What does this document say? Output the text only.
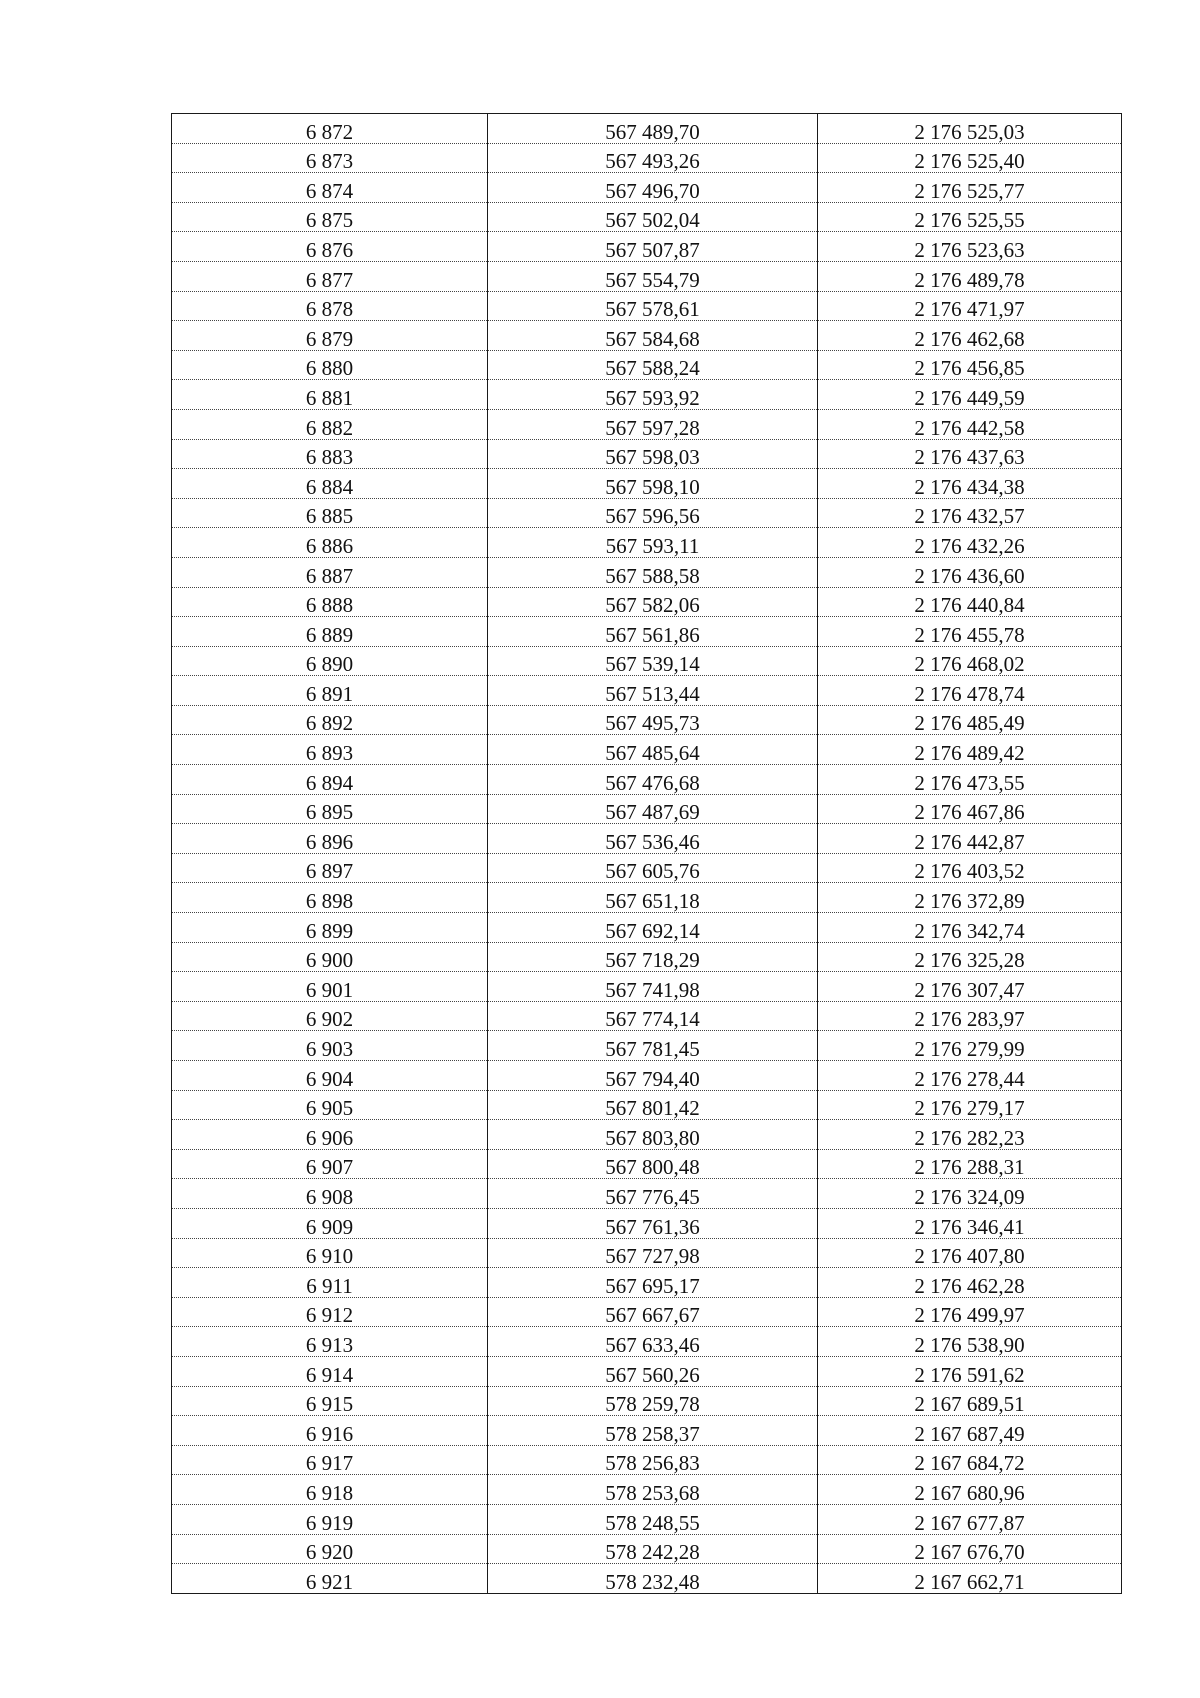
6 872	567 489,70	2 176 525,03
6 873	567 493,26	2 176 525,40
6 874	567 496,70	2 176 525,77
6 875	567 502,04	2 176 525,55
6 876	567 507,87	2 176 523,63
6 877	567 554,79	2 176 489,78
6 878	567 578,61	2 176 471,97
6 879	567 584,68	2 176 462,68
6 880	567 588,24	2 176 456,85
6 881	567 593,92	2 176 449,59
6 882	567 597,28	2 176 442,58
6 883	567 598,03	2 176 437,63
6 884	567 598,10	2 176 434,38
6 885	567 596,56	2 176 432,57
6 886	567 593,11	2 176 432,26
6 887	567 588,58	2 176 436,60
6 888	567 582,06	2 176 440,84
6 889	567 561,86	2 176 455,78
6 890	567 539,14	2 176 468,02
6 891	567 513,44	2 176 478,74
6 892	567 495,73	2 176 485,49
6 893	567 485,64	2 176 489,42
6 894	567 476,68	2 176 473,55
6 895	567 487,69	2 176 467,86
6 896	567 536,46	2 176 442,87
6 897	567 605,76	2 176 403,52
6 898	567 651,18	2 176 372,89
6 899	567 692,14	2 176 342,74
6 900	567 718,29	2 176 325,28
6 901	567 741,98	2 176 307,47
6 902	567 774,14	2 176 283,97
6 903	567 781,45	2 176 279,99
6 904	567 794,40	2 176 278,44
6 905	567 801,42	2 176 279,17
6 906	567 803,80	2 176 282,23
6 907	567 800,48	2 176 288,31
6 908	567 776,45	2 176 324,09
6 909	567 761,36	2 176 346,41
6 910	567 727,98	2 176 407,80
6 911	567 695,17	2 176 462,28
6 912	567 667,67	2 176 499,97
6 913	567 633,46	2 176 538,90
6 914	567 560,26	2 176 591,62
6 915	578 259,78	2 167 689,51
6 916	578 258,37	2 167 687,49
6 917	578 256,83	2 167 684,72
6 918	578 253,68	2 167 680,96
6 919	578 248,55	2 167 677,87
6 920	578 242,28	2 167 676,70
6 921	578 232,48	2 167 662,71
